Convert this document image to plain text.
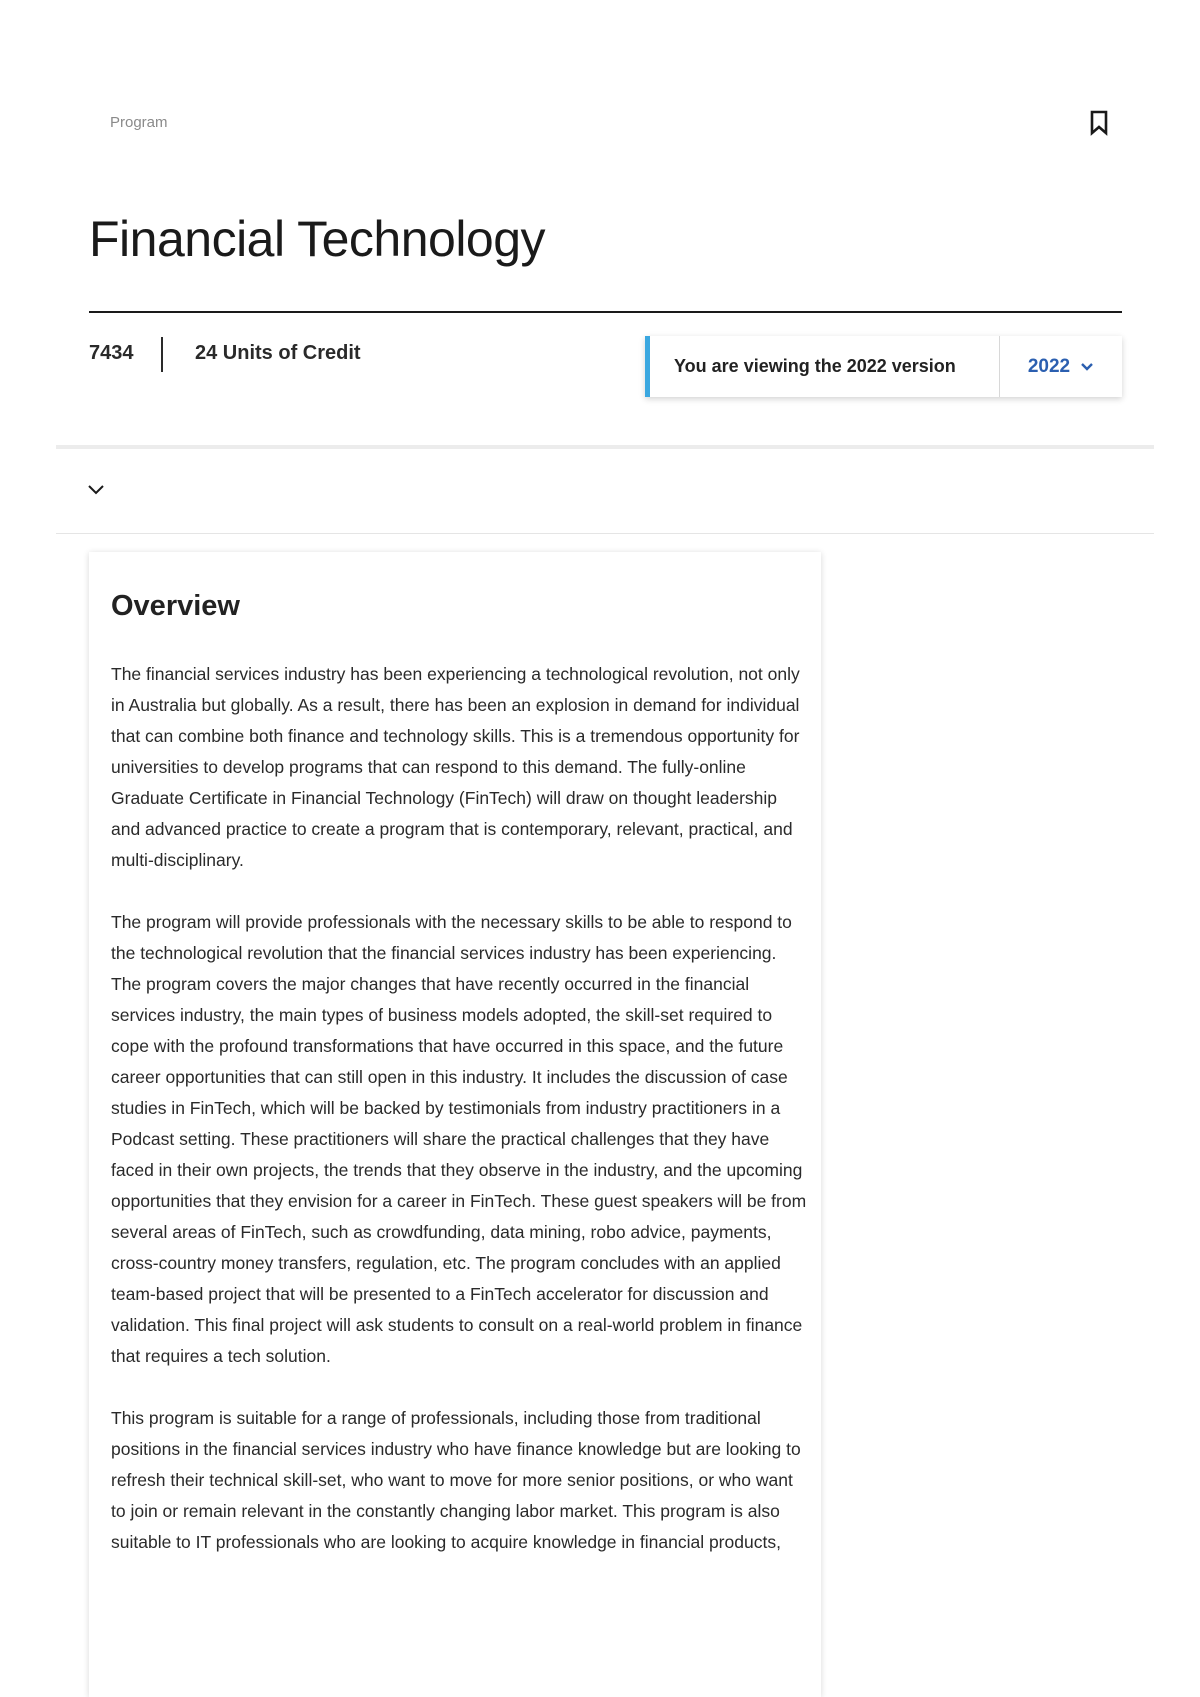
Program
Financial Technology
7434	24 Units of Credit
You are viewing the 2022 version	2022
Overview

The financial services industry has been experiencing a technological revolution, not only in Australia but globally. As a result, there has been an explosion in demand for individual that can combine both finance and technology skills. This is a tremendous opportunity for universities to develop programs that can respond to this demand. The fully-online Graduate Certificate in Financial Technology (FinTech) will draw on thought leadership and advanced practice to create a program that is contemporary, relevant, practical, and multi-disciplinary.

The program will provide professionals with the necessary skills to be able to respond to the technological revolution that the financial services industry has been experiencing. The program covers the major changes that have recently occurred in the financial services industry, the main types of business models adopted, the skill-set required to cope with the profound transformations that have occurred in this space, and the future career opportunities that can still open in this industry. It includes the discussion of case studies in FinTech, which will be backed by testimonials from industry practitioners in a Podcast setting. These practitioners will share the practical challenges that they have faced in their own projects, the trends that they observe in the industry, and the upcoming opportunities that they envision for a career in FinTech. These guest speakers will be from several areas of FinTech, such as crowdfunding, data mining, robo advice, payments, cross-country money transfers, regulation, etc. The program concludes with an applied team-based project that will be presented to a FinTech accelerator for discussion and validation. This final project will ask students to consult on a real-world problem in finance that requires a tech solution.

This program is suitable for a range of professionals, including those from traditional positions in the financial services industry who have finance knowledge but are looking to refresh their technical skill-set, who want to move for more senior positions, or who want to join or remain relevant in the constantly changing labor market. This program is also suitable to IT professionals who are looking to acquire knowledge in financial products,
